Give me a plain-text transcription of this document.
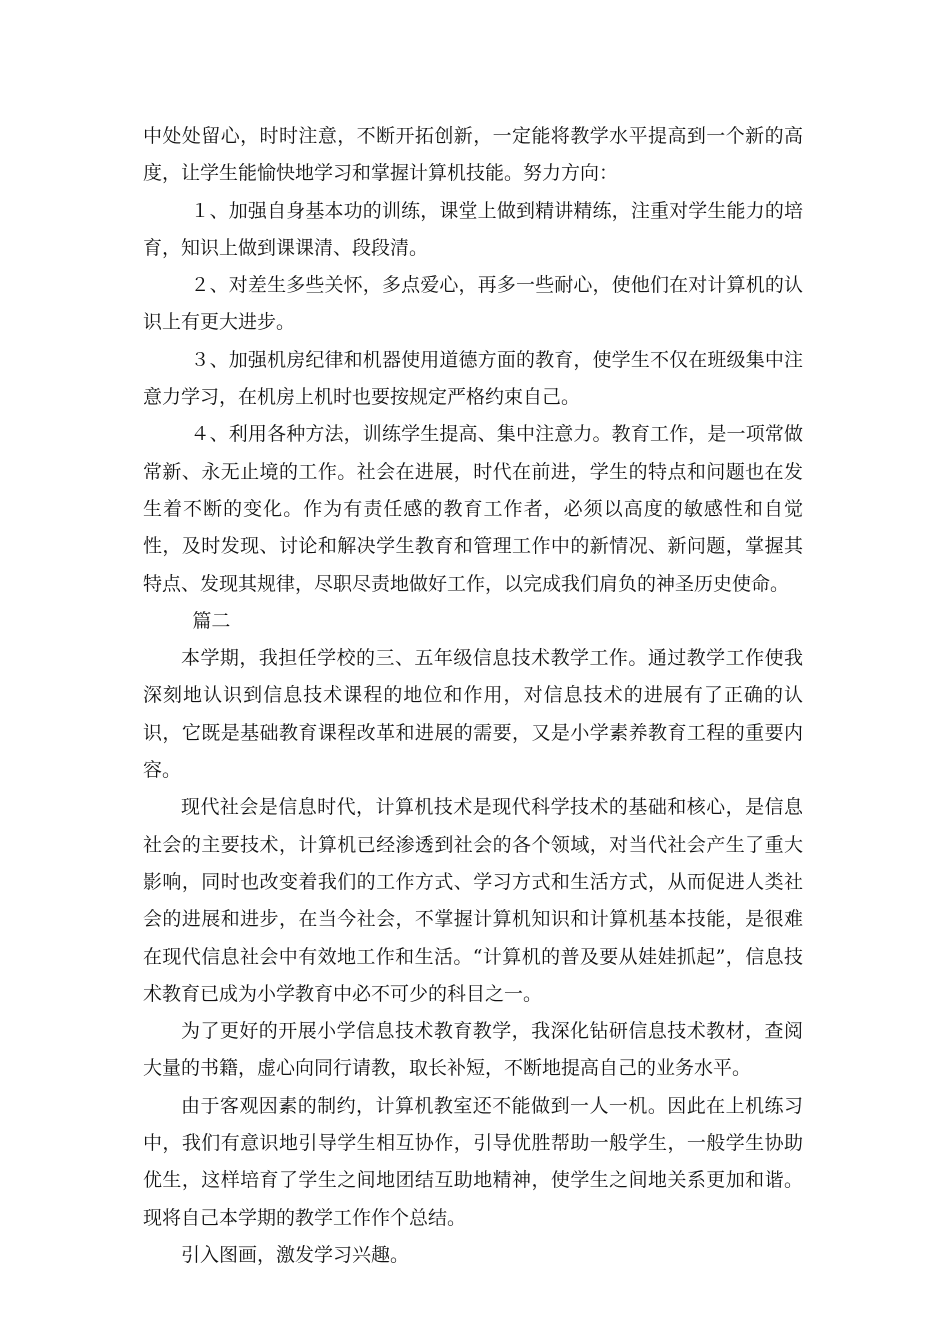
中处处留心，时时注意，不断开拓创新，一定能将教学水平提高到一个新的高度，让学生能愉快地学习和掌握计算机技能。努力方向：

１、加强自身基本功的训练，课堂上做到精讲精练，注重对学生能力的培育，知识上做到课课清、段段清。

２、对差生多些关怀，多点爱心，再多一些耐心，使他们在对计算机的认识上有更大进步。

３、加强机房纪律和机器使用道德方面的教育，使学生不仅在班级集中注意力学习，在机房上机时也要按规定严格约束自己。

４、利用各种方法，训练学生提高、集中注意力。教育工作，是一项常做常新、永无止境的工作。社会在进展，时代在前进，学生的特点和问题也在发生着不断的变化。作为有责任感的教育工作者，必须以高度的敏感性和自觉性，及时发现、讨论和解决学生教育和管理工作中的新情况、新问题，掌握其特点、发现其规律，尽职尽责地做好工作，以完成我们肩负的神圣历史使命。

篇二

本学期，我担任学校的三、五年级信息技术教学工作。通过教学工作使我深刻地认识到信息技术课程的地位和作用，对信息技术的进展有了正确的认识，它既是基础教育课程改革和进展的需要，又是小学素养教育工程的重要内容。

现代社会是信息时代，计算机技术是现代科学技术的基础和核心，是信息社会的主要技术，计算机已经渗透到社会的各个领域，对当代社会产生了重大影响，同时也改变着我们的工作方式、学习方式和生活方式，从而促进人类社会的进展和进步，在当今社会，不掌握计算机知识和计算机基本技能，是很难在现代信息社会中有效地工作和生活。“计算机的普及要从娃娃抓起”，信息技术教育已成为小学教育中必不可少的科目之一。

为了更好的开展小学信息技术教育教学，我深化钻研信息技术教材，查阅大量的书籍，虚心向同行请教，取长补短，不断地提高自己的业务水平。

由于客观因素的制约，计算机教室还不能做到一人一机。因此在上机练习中，我们有意识地引导学生相互协作，引导优胜帮助一般学生，一般学生协助优生，这样培育了学生之间地团结互助地精神，使学生之间地关系更加和谐。现将自己本学期的教学工作作个总结。

引入图画，激发学习兴趣。
